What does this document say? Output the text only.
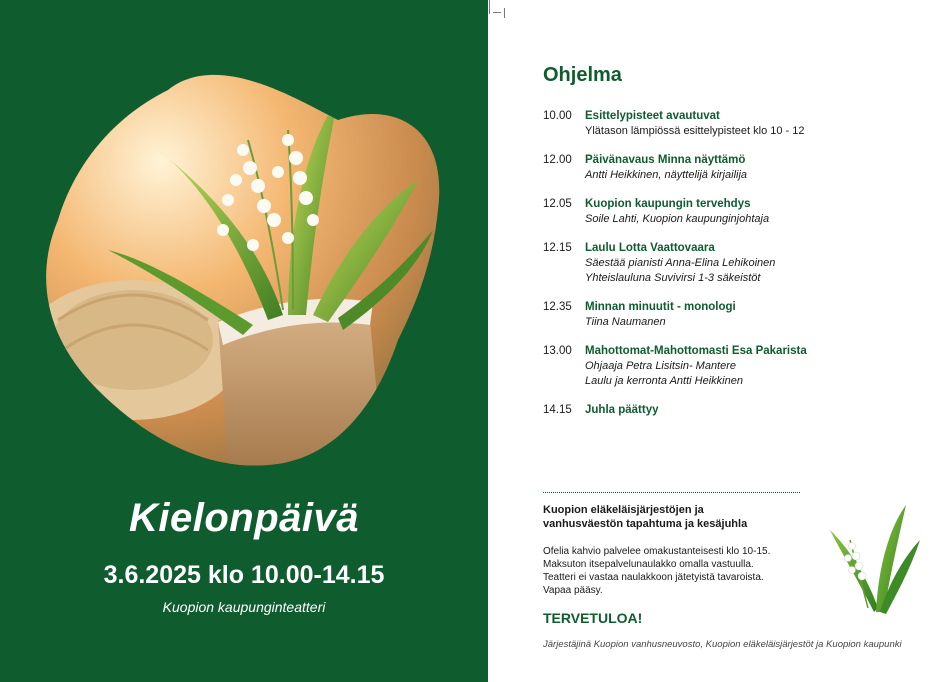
Kielonpäivä
3.6.2025 klo 10.00-14.15
Kuopion kaupunginteatteri
Ohjelma
10.00	Esittelypisteet avautuvat
Ylätason lämpiössä esittelypisteet klo 10 - 12
12.00	Päivänavaus Minna näyttämö
Antti Heikkinen, näyttelijä kirjailija
12.05	Kuopion kaupungin tervehdys
Soile Lahti, Kuopion kaupunginjohtaja
12.15	Laulu Lotta Vaattovaara
Säestää pianisti Anna-Elina Lehikoinen
Yhteislauluna Suvivirsi 1-3 säkeistöt
12.35	Minnan minuutit - monologi
Tiina Naumanen
13.00	Mahottomat-Mahottomasti Esa Pakarista
Ohjaaja Petra Lisitsin- Mantere
Laulu ja kerronta Antti Heikkinen
14.15	Juhla päättyy
Kuopion eläkeläisjärjestöjen ja
vanhusväestön tapahtuma ja kesäjuhla
Ofelia kahvio palvelee omakustanteisesti klo 10-15.
Maksuton itsepalvelunaulakko omalla vastuulla.
Teatteri ei vastaa naulakkoon jätetyistä tavaroista.
Vapaa pääsy.
TERVETULOA!
Järjestäjinä Kuopion vanhusneuvosto, Kuopion eläkeläisjärjestöt ja Kuopion kaupunki
